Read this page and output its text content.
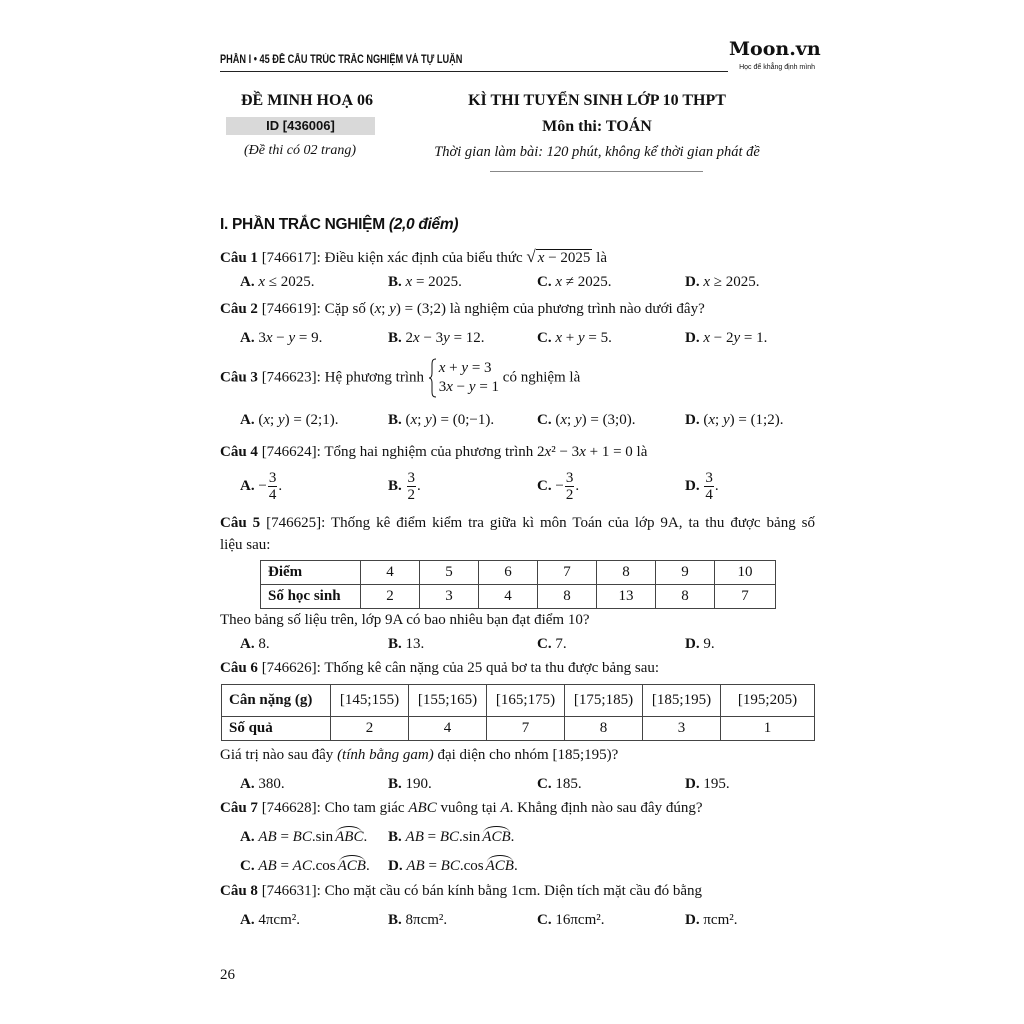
PHẦN I • 45 ĐỀ CẤU TRÚC TRẮC NGHIỆM VÀ TỰ LUẬN	Moon.vn
Học để khẳng định mình
ĐỀ MINH HOẠ 06
ID [436006]
(Đề thi có 02 trang)
KÌ THI TUYỂN SINH LỚP 10 THPT
Môn thi: TOÁN
Thời gian làm bài: 120 phút, không kể thời gian phát đề
I. PHẦN TRẮC NGHIỆM (2,0 điểm)
Câu 1 [746617]: Điều kiện xác định của biểu thức √ x − 2025 là
A. x ≤ 2025.	B. x = 2025.	C. x ≠ 2025.	D. x ≥ 2025.
Câu 2 [746619]: Cặp số (x; y) = (3;2) là nghiệm của phương trình nào dưới đây?
A. 3x − y = 9.	B. 2x − 3y = 12.	C. x + y = 5.	D. x − 2y = 1.
Câu 3 [746623]: Hệ phương trình
x + y = 3
3x − y = 1
có nghiệm là
A. (x; y) = (2;1).	B. (x; y) = (0;−1).	C. (x; y) = (3;0).	D. (x; y) = (1;2).
Câu 4 [746624]: Tổng hai nghiệm của phương trình 2x² − 3x + 1 = 0 là
A. − $\frac{3}{4}$ .	B. $\frac{3}{2}$ .	C. − $\frac{3}{2}$ .	D. $\frac{3}{4}$ .
Câu 5 [746625]: Thống kê điểm kiểm tra giữa kì môn Toán của lớp 9A, ta thu được bảng số
liệu sau:
Điểm	4	5	6	7	8	9	10
Số học sinh	2	3	4	8	13	8	7
Theo bảng số liệu trên, lớp 9A có bao nhiêu bạn đạt điểm 10?
A. 8.	B. 13.	C. 7.	D. 9.
Câu 6 [746626]: Thống kê cân nặng của 25 quả bơ ta thu được bảng sau:
Cân nặng (g)	[145;155)	[155;165)	[165;175)	[175;185)	[185;195)	[195;205)
Số quả	2	4	7	8	3	1
Giá trị nào sau đây (tính bằng gam) đại diện cho nhóm [185;195)?
A. 380.	B. 190.	C. 185.	D. 195.
Câu 7 [746628]: Cho tam giác ABC vuông tại A. Khẳng định nào sau đây đúng?
A. AB = BC.sin ABC. B. AB = BC.sin ACB.
C. AB = AC.cos ACB. D. AB = BC.cos ACB.
Câu 8 [746631]: Cho mặt cầu có bán kính bằng 1cm. Diện tích mặt cầu đó bằng
A. 4πcm².	B. 8πcm².	C. 16πcm².	D. πcm².
26
